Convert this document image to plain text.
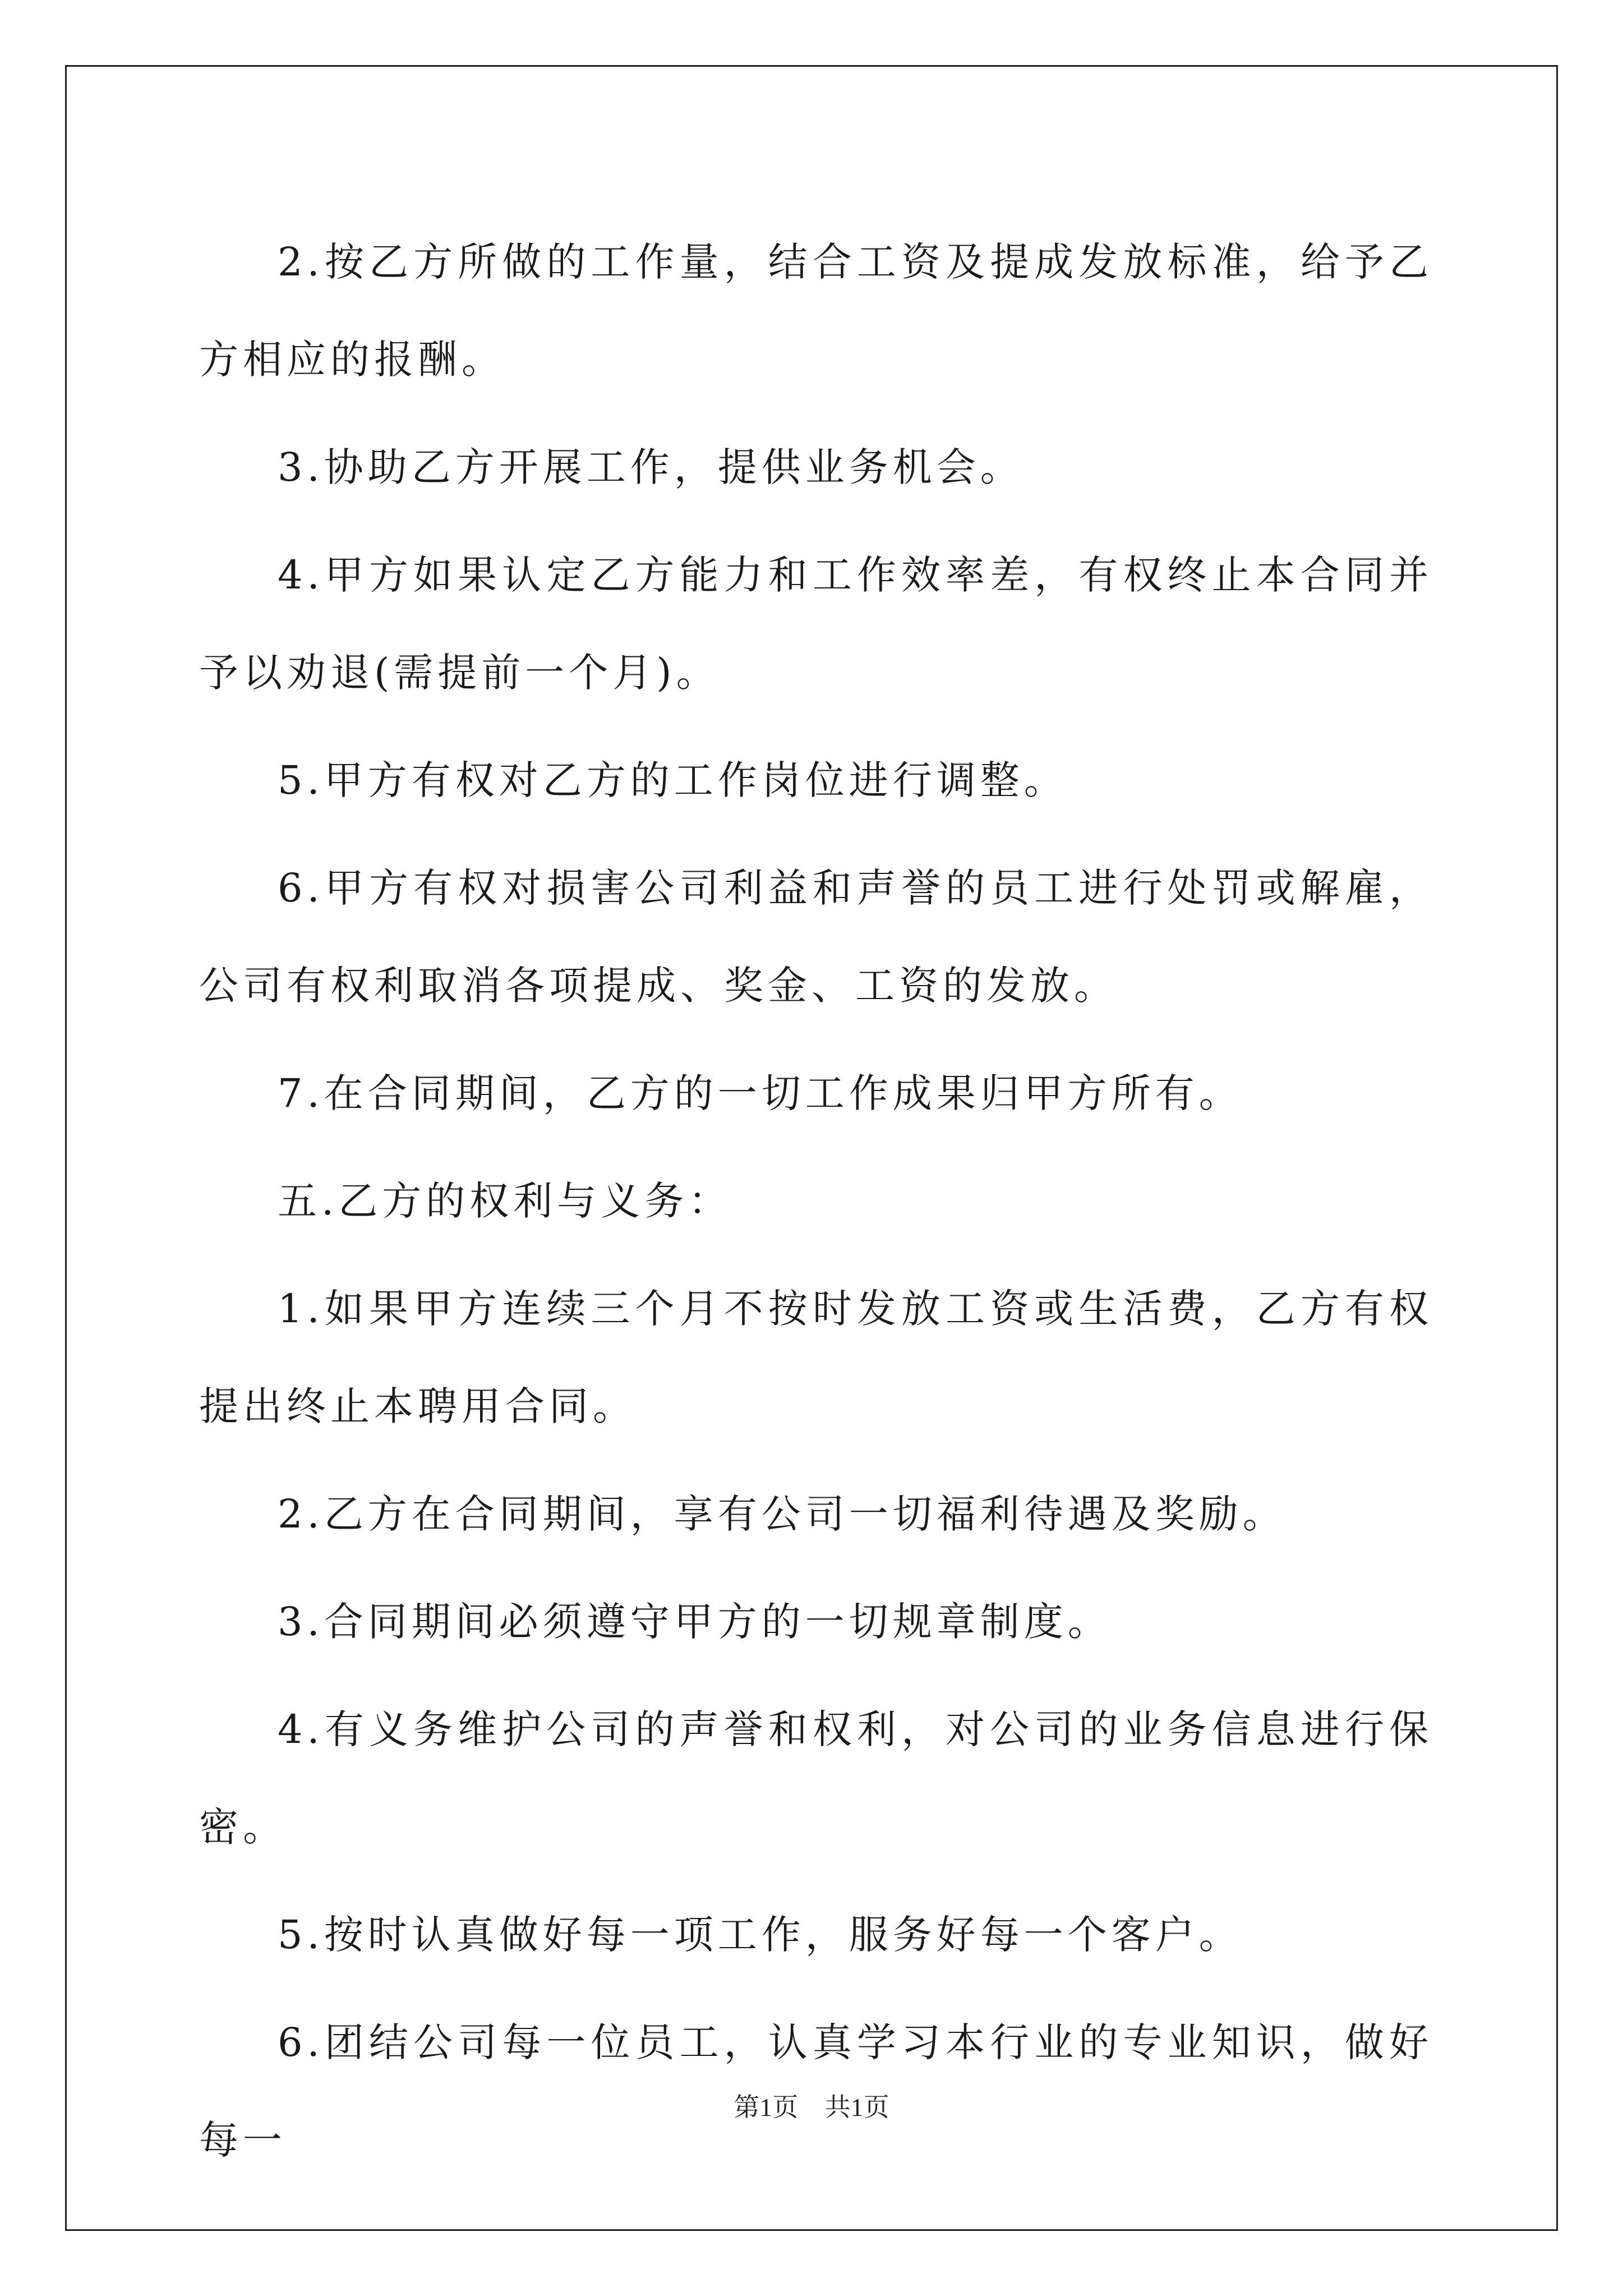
2.按乙方所做的工作量，结合工资及提成发放标准，给予乙方相应的报酬。

3.协助乙方开展工作，提供业务机会。

4.甲方如果认定乙方能力和工作效率差，有权终止本合同并予以劝退(需提前一个月)。

5.甲方有权对乙方的工作岗位进行调整。

6.甲方有权对损害公司利益和声誉的员工进行处罚或解雇，公司有权利取消各项提成、奖金、工资的发放。

7.在合同期间，乙方的一切工作成果归甲方所有。

五.乙方的权利与义务：

1.如果甲方连续三个月不按时发放工资或生活费，乙方有权提出终止本聘用合同。

2.乙方在合同期间，享有公司一切福利待遇及奖励。

3.合同期间必须遵守甲方的一切规章制度。

4.有义务维护公司的声誉和权利，对公司的业务信息进行保密。

5.按时认真做好每一项工作，服务好每一个客户。

6.团结公司每一位员工，认真学习本行业的专业知识，做好每一

第1页 共1页
